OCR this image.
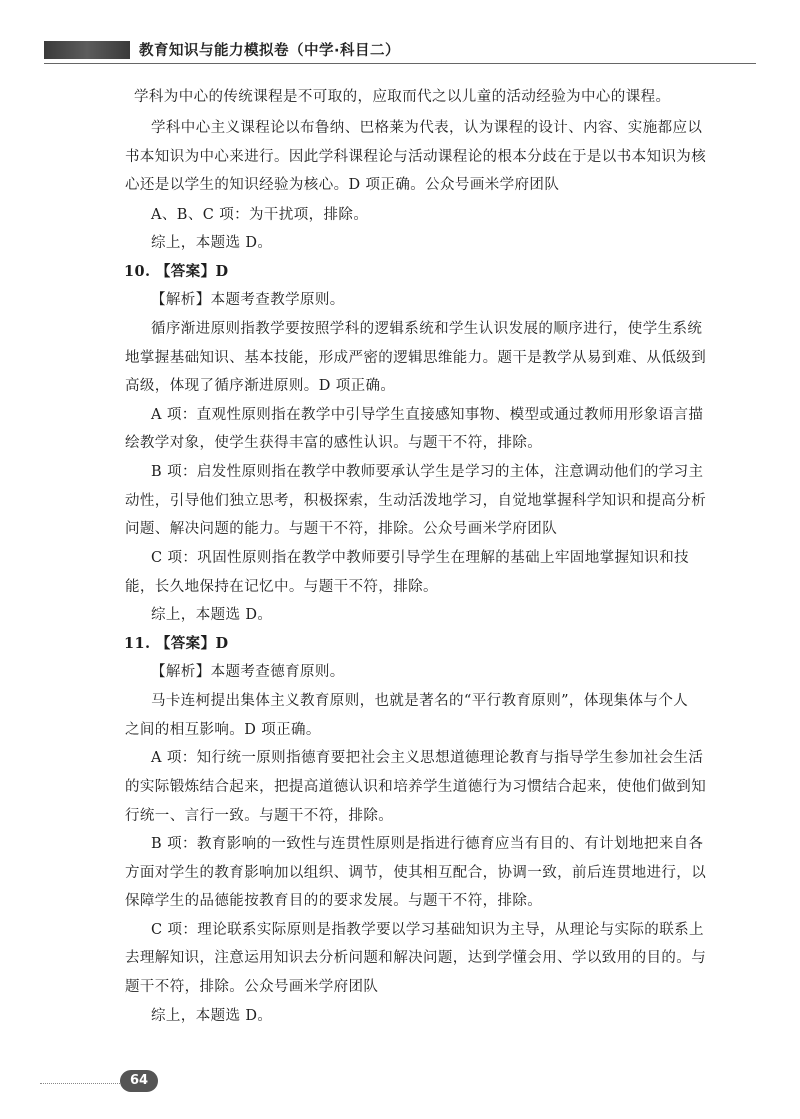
教育知识与能力模拟卷（中学·科目二）
学科为中心的传统课程是不可取的，应取而代之以儿童的活动经验为中心的课程。
学科中心主义课程论以布鲁纳、巴格莱为代表，认为课程的设计、内容、实施都应以
书本知识为中心来进行。因此学科课程论与活动课程论的根本分歧在于是以书本知识为核
心还是以学生的知识经验为核心。D 项正确。公众号画米学府团队
A、B、C 项：为干扰项，排除。
综上，本题选 D。
10. 【答案】D
【解析】本题考查教学原则。
循序渐进原则指教学要按照学科的逻辑系统和学生认识发展的顺序进行，使学生系统
地掌握基础知识、基本技能，形成严密的逻辑思维能力。题干是教学从易到难、从低级到
高级，体现了循序渐进原则。D 项正确。
A 项：直观性原则指在教学中引导学生直接感知事物、模型或通过教师用形象语言描
绘教学对象，使学生获得丰富的感性认识。与题干不符，排除。
B 项：启发性原则指在教学中教师要承认学生是学习的主体，注意调动他们的学习主
动性，引导他们独立思考，积极探索，生动活泼地学习，自觉地掌握科学知识和提高分析
问题、解决问题的能力。与题干不符，排除。公众号画米学府团队
C 项：巩固性原则指在教学中教师要引导学生在理解的基础上牢固地掌握知识和技
能，长久地保持在记忆中。与题干不符，排除。
综上，本题选 D。
11. 【答案】D
【解析】本题考查德育原则。
马卡连柯提出集体主义教育原则，也就是著名的“平行教育原则”，体现集体与个人
之间的相互影响。D 项正确。
A 项：知行统一原则指德育要把社会主义思想道德理论教育与指导学生参加社会生活
的实际锻炼结合起来，把提高道德认识和培养学生道德行为习惯结合起来，使他们做到知
行统一、言行一致。与题干不符，排除。
B 项：教育影响的一致性与连贯性原则是指进行德育应当有目的、有计划地把来自各
方面对学生的教育影响加以组织、调节，使其相互配合，协调一致，前后连贯地进行，以
保障学生的品德能按教育目的的要求发展。与题干不符，排除。
C 项：理论联系实际原则是指教学要以学习基础知识为主导，从理论与实际的联系上
去理解知识，注意运用知识去分析问题和解决问题，达到学懂会用、学以致用的目的。与
题干不符，排除。公众号画米学府团队
综上，本题选 D。
64
